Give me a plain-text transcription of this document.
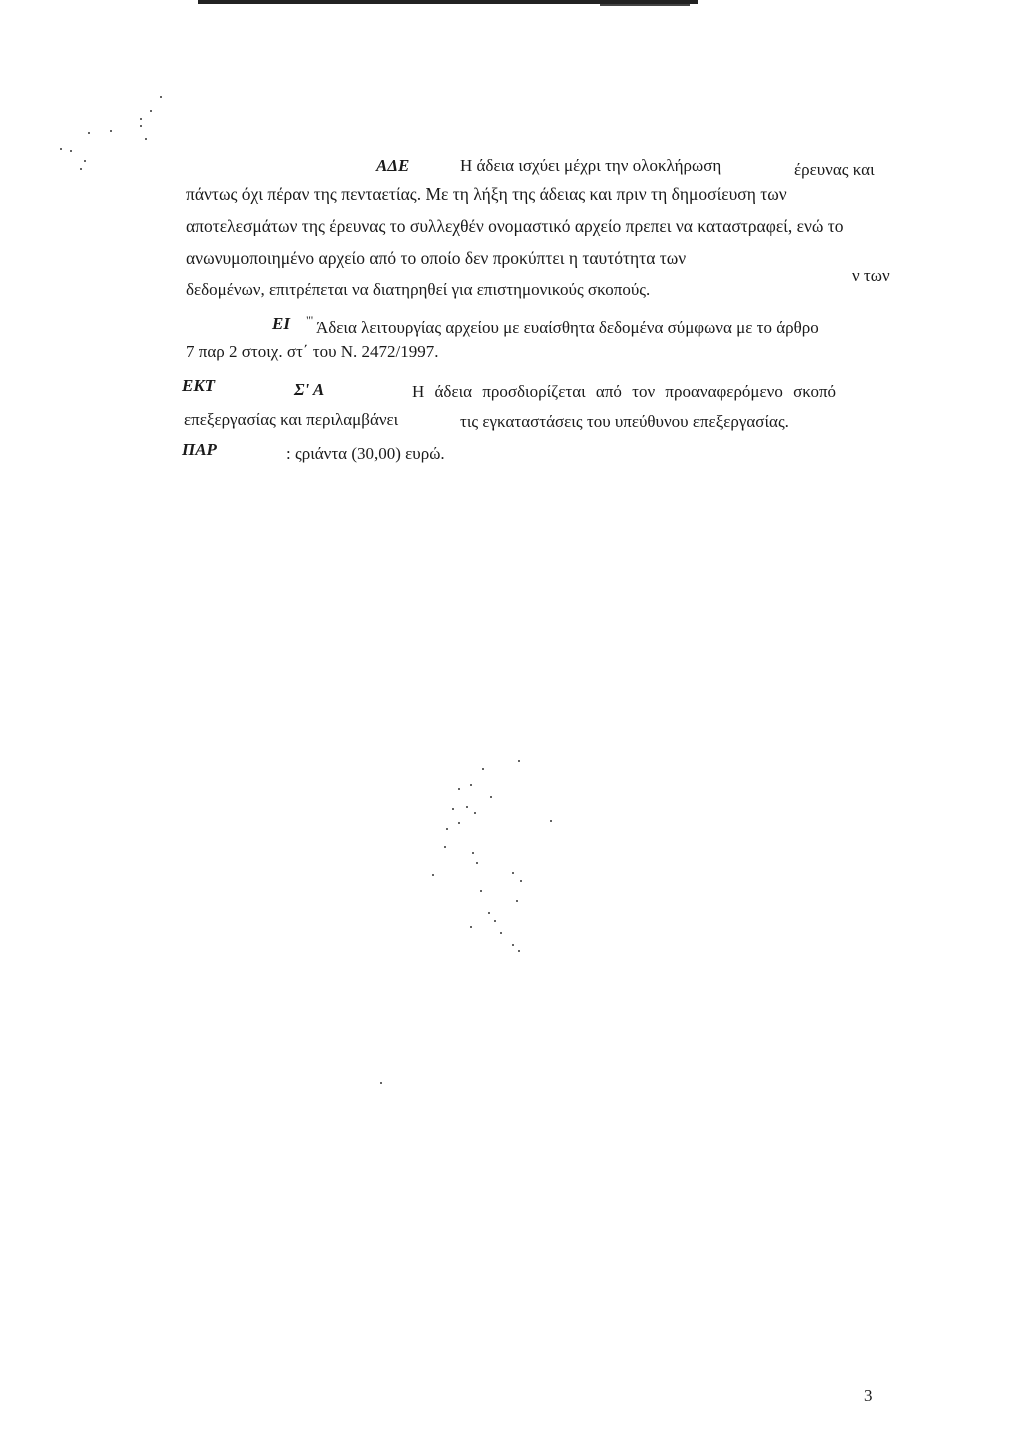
ΑΔΕ	Η άδεια ισχύει μέχρι την ολοκλήρωση	έρευνας και
πάντως όχι πέραν της πενταετίας. Με τη λήξη της άδειας και πριν τη δημοσίευση των
αποτελεσμάτων της έρευνας το συλλεχθέν ονομαστικό αρχείο πρεπει να καταστραφεί, ενώ το
ανωνυμοποιημένο αρχείο από το οποίο δεν προκύπτει η ταυτότητα των
ν των
δεδομένων, επιτρέπεται να διατηρηθεί για επιστημονικούς σκοπούς.
ΕΙ "' Άδεια λειτουργίας αρχείου με ευαίσθητα δεδομένα σύμφωνα με το άρθρο
7 παρ 2 στοιχ. στ΄ του Ν. 2472/1997.
ΕΚΤ	Σ' Α	Η άδεια προσδιορίζεται από τον προαναφερόμενο σκοπό
επεξεργασίας και περιλαμβάνει	τις εγκαταστάσεις του υπεύθυνου επεξεργασίας.
ΠΑΡ	: ςριάντα (30,00) ευρώ.
3
